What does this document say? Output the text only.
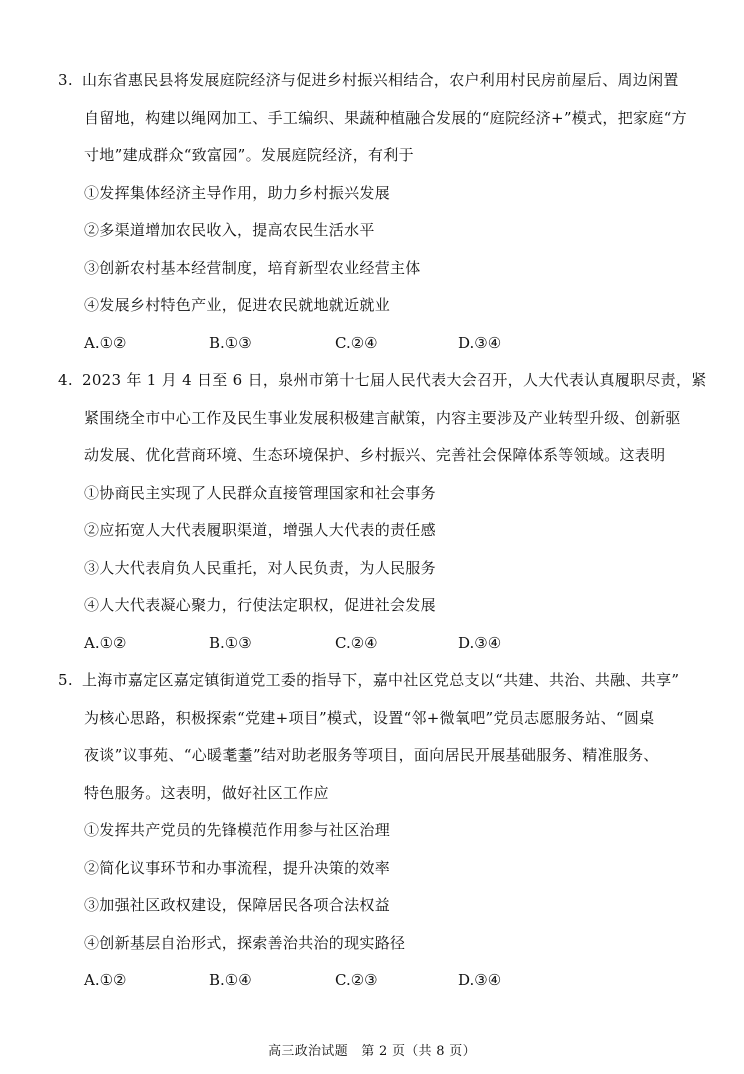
3. 山东省惠民县将发展庭院经济与促进乡村振兴相结合，农户利用村民房前屋后、周边闲置
自留地，构建以绳网加工、手工编织、果蔬种植融合发展的“庭院经济+”模式，把家庭“方
寸地”建成群众“致富园”。发展庭院经济，有利于
①发挥集体经济主导作用，助力乡村振兴发展
②多渠道增加农民收入，提高农民生活水平
③创新农村基本经营制度，培育新型农业经营主体
④发展乡村特色产业，促进农民就地就近就业
A.①②	B.①③	C.②④	D.③④
4. 2023 年 1 月 4 日至 6 日，泉州市第十七届人民代表大会召开，人大代表认真履职尽责，紧
紧围绕全市中心工作及民生事业发展积极建言献策，内容主要涉及产业转型升级、创新驱
动发展、优化营商环境、生态环境保护、乡村振兴、完善社会保障体系等领域。这表明
①协商民主实现了人民群众直接管理国家和社会事务
②应拓宽人大代表履职渠道，增强人大代表的责任感
③人大代表肩负人民重托，对人民负责，为人民服务
④人大代表凝心聚力，行使法定职权，促进社会发展
A.①②	B.①③	C.②④	D.③④
5. 上海市嘉定区嘉定镇街道党工委的指导下，嘉中社区党总支以“共建、共治、共融、共享”
为核心思路，积极探索“党建+项目”模式，设置“邻+微氧吧”党员志愿服务站、“圆桌
夜谈”议事苑、“心暖耄耋”结对助老服务等项目，面向居民开展基础服务、精准服务、
特色服务。这表明，做好社区工作应
①发挥共产党员的先锋模范作用参与社区治理
②简化议事环节和办事流程，提升决策的效率
③加强社区政权建设，保障居民各项合法权益
④创新基层自治形式，探索善治共治的现实路径
A.①②	B.①④	C.②③	D.③④
高三政治试题　第 2 页（共 8 页）
